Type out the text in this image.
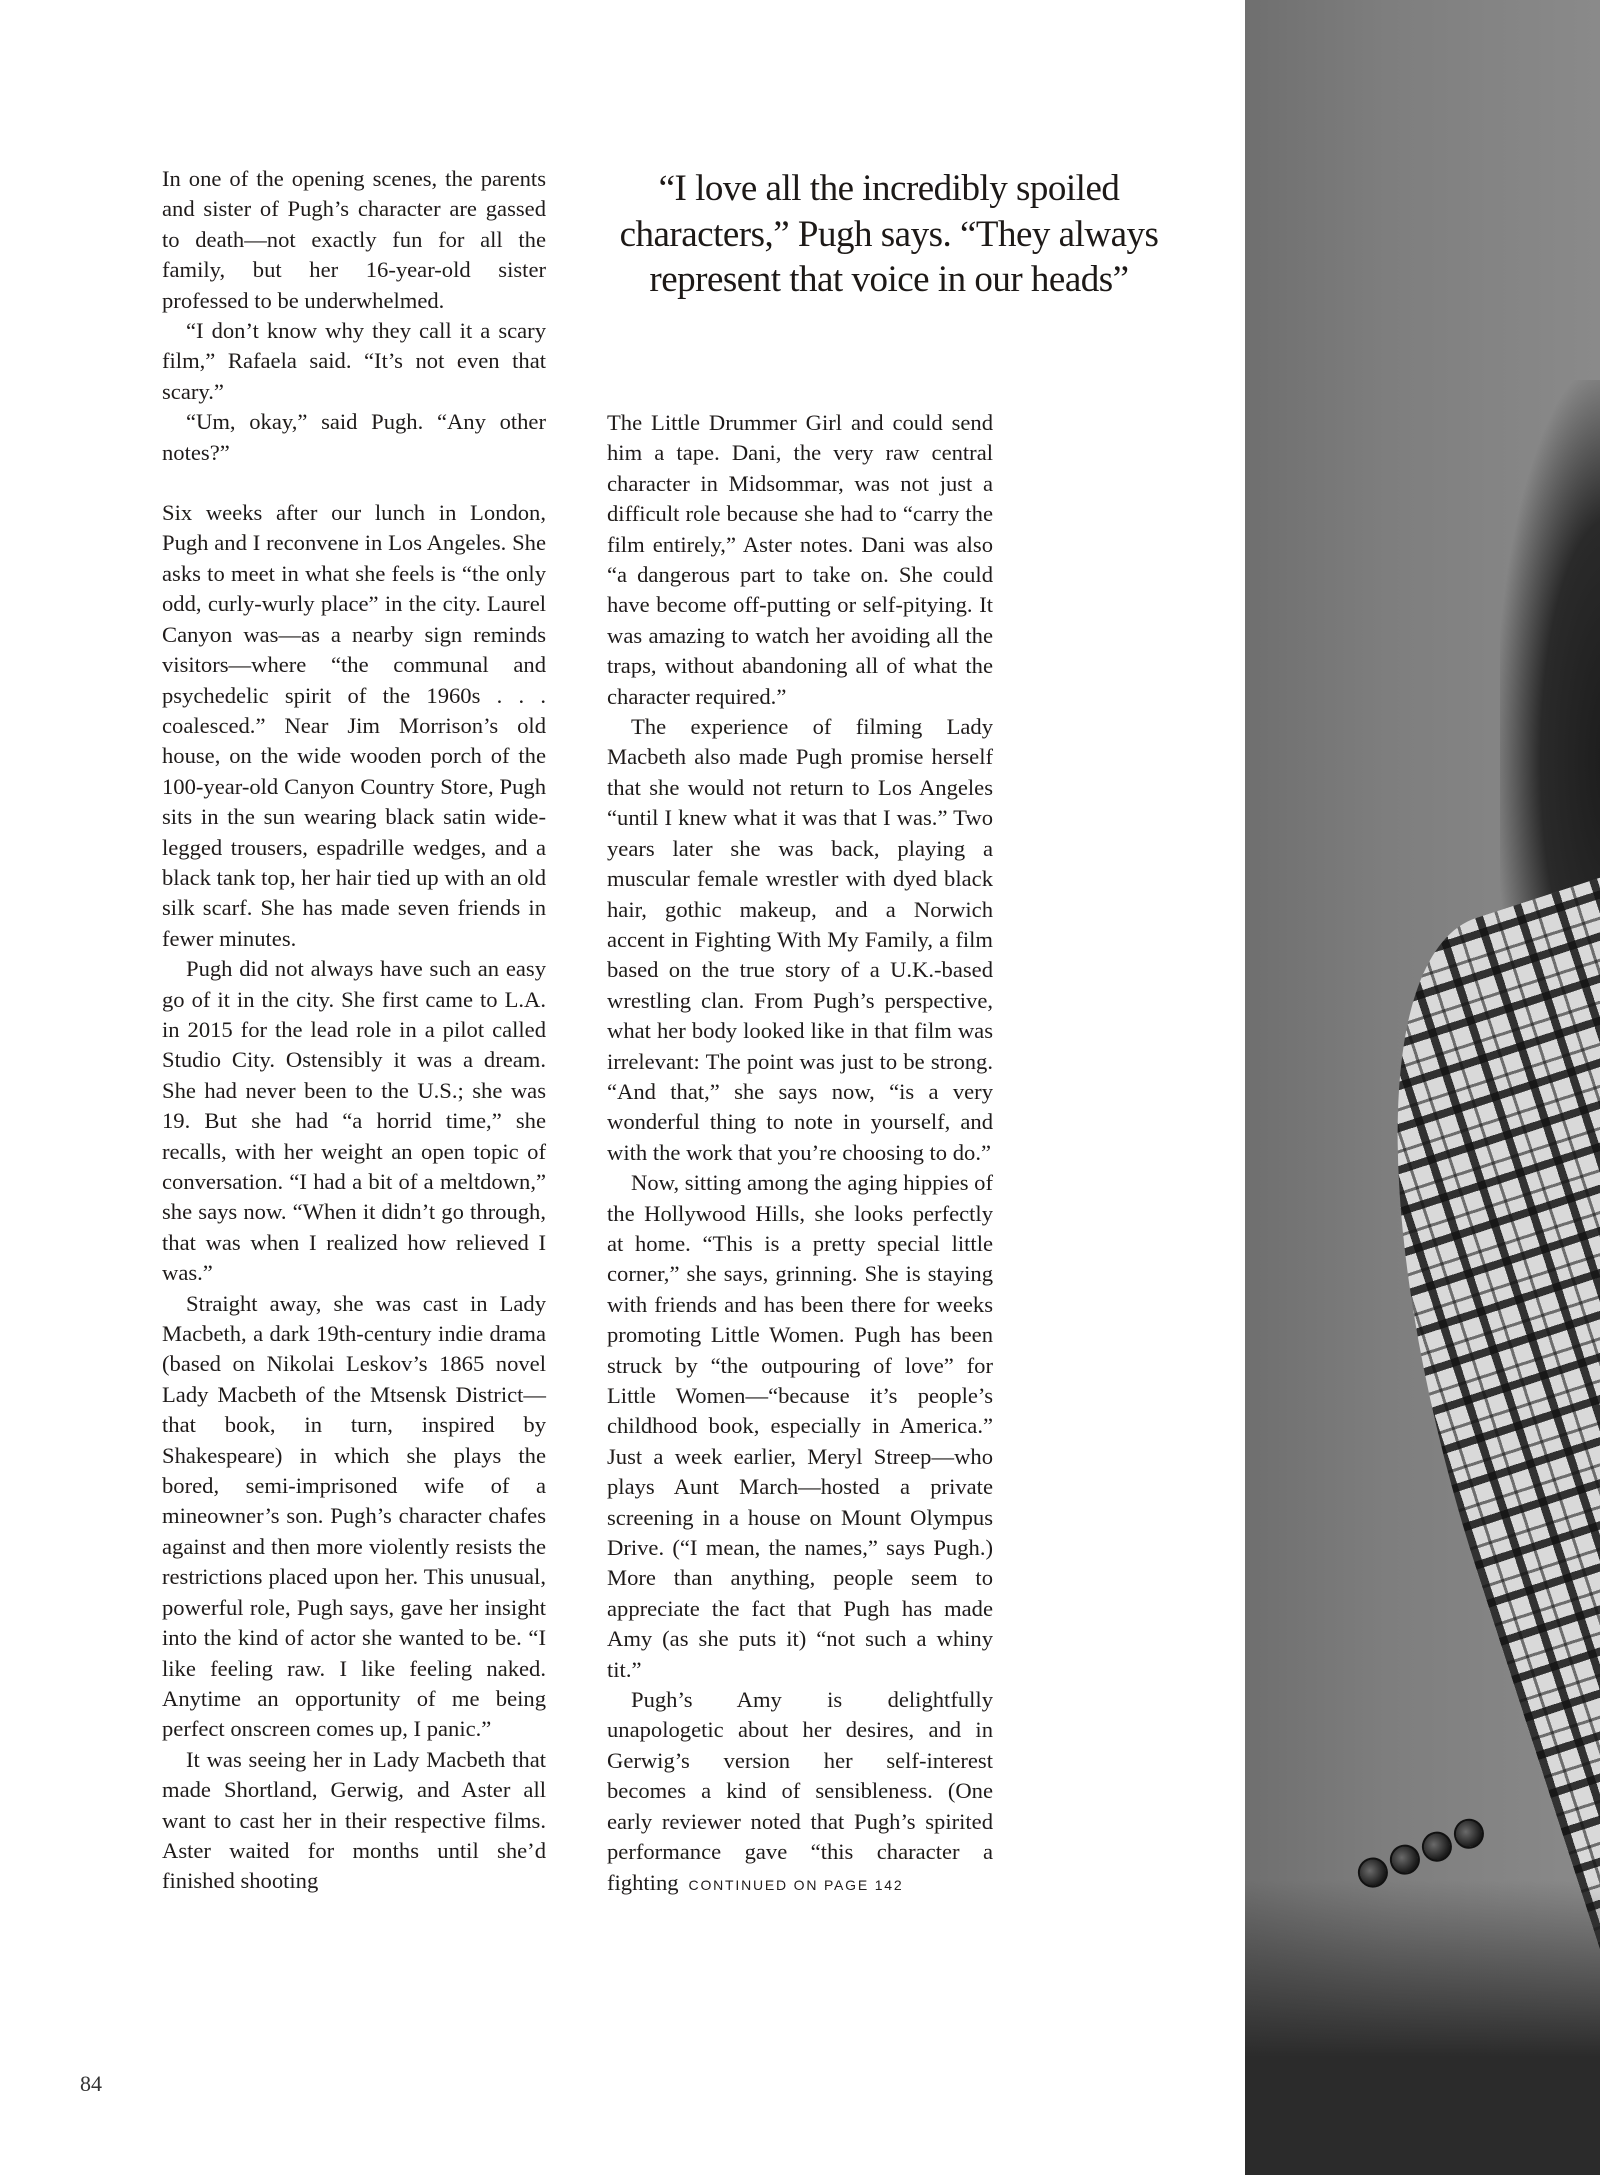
In one of the opening scenes, the parents and sister of Pugh’s character are gassed to death—not exactly fun for all the family, but her 16-year-old sister professed to be underwhelmed.

“I don’t know why they call it a scary film,” Rafaela said. “It’s not even that scary.”

“Um, okay,” said Pugh. “Any other notes?”

Six weeks after our lunch in London, Pugh and I reconvene in Los Angeles. She asks to meet in what she feels is “the only odd, curly-wurly place” in the city. Laurel Canyon was—as a nearby sign reminds visitors—where “the communal and psychedelic spirit of the 1960s . . . coalesced.” Near Jim Morrison’s old house, on the wide wooden porch of the 100-year-old Canyon Country Store, Pugh sits in the sun wearing black satin wide-legged trousers, espadrille wedges, and a black tank top, her hair tied up with an old silk scarf. She has made seven friends in fewer minutes.

Pugh did not always have such an easy go of it in the city. She first came to L.A. in 2015 for the lead role in a pilot called Studio City. Ostensibly it was a dream. She had never been to the U.S.; she was 19. But she had “a horrid time,” she recalls, with her weight an open topic of conversation. “I had a bit of a meltdown,” she says now. “When it didn’t go through, that was when I realized how relieved I was.”

Straight away, she was cast in Lady Macbeth, a dark 19th-century indie drama (based on Nikolai Leskov’s 1865 novel Lady Macbeth of the Mtsensk District—that book, in turn, inspired by Shakespeare) in which she plays the bored, semi-imprisoned wife of a mineowner’s son. Pugh’s character chafes against and then more violently resists the restrictions placed upon her. This unusual, powerful role, Pugh says, gave her insight into the kind of actor she wanted to be. “I like feeling raw. I like feeling naked. Anytime an opportunity of me being perfect onscreen comes up, I panic.”

It was seeing her in Lady Macbeth that made Shortland, Gerwig, and Aster all want to cast her in their respective films. Aster waited for months until she’d finished shooting

“I love all the incredibly spoiled characters,” Pugh says. “They always represent that voice in our heads”

The Little Drummer Girl and could send him a tape. Dani, the very raw central character in Midsommar, was not just a difficult role because she had to “carry the film entirely,” Aster notes. Dani was also “a dangerous part to take on. She could have become off-putting or self-pitying. It was amazing to watch her avoiding all the traps, without abandoning all of what the character required.”

The experience of filming Lady Macbeth also made Pugh promise herself that she would not return to Los Angeles “until I knew what it was that I was.” Two years later she was back, playing a muscular female wrestler with dyed black hair, gothic makeup, and a Norwich accent in Fighting With My Family, a film based on the true story of a U.K.-based wrestling clan. From Pugh’s perspective, what her body looked like in that film was irrelevant: The point was just to be strong. “And that,” she says now, “is a very wonderful thing to note in yourself, and with the work that you’re choosing to do.”

Now, sitting among the aging hippies of the Hollywood Hills, she looks perfectly at home. “This is a pretty special little corner,” she says, grinning. She is staying with friends and has been there for weeks promoting Little Women. Pugh has been struck by “the outpouring of love” for Little Women—“because it’s people’s childhood book, especially in America.” Just a week earlier, Meryl Streep—who plays Aunt March—hosted a private screening in a house on Mount Olympus Drive. (“I mean, the names,” says Pugh.) More than anything, people seem to appreciate the fact that Pugh has made Amy (as she puts it) “not such a whiny tit.”

Pugh’s Amy is delightfully unapologetic about her desires, and in Gerwig’s version her self-interest becomes a kind of sensibleness. (One early reviewer noted that Pugh’s spirited performance gave “this character a fighting CONTINUED ON PAGE 142

84
